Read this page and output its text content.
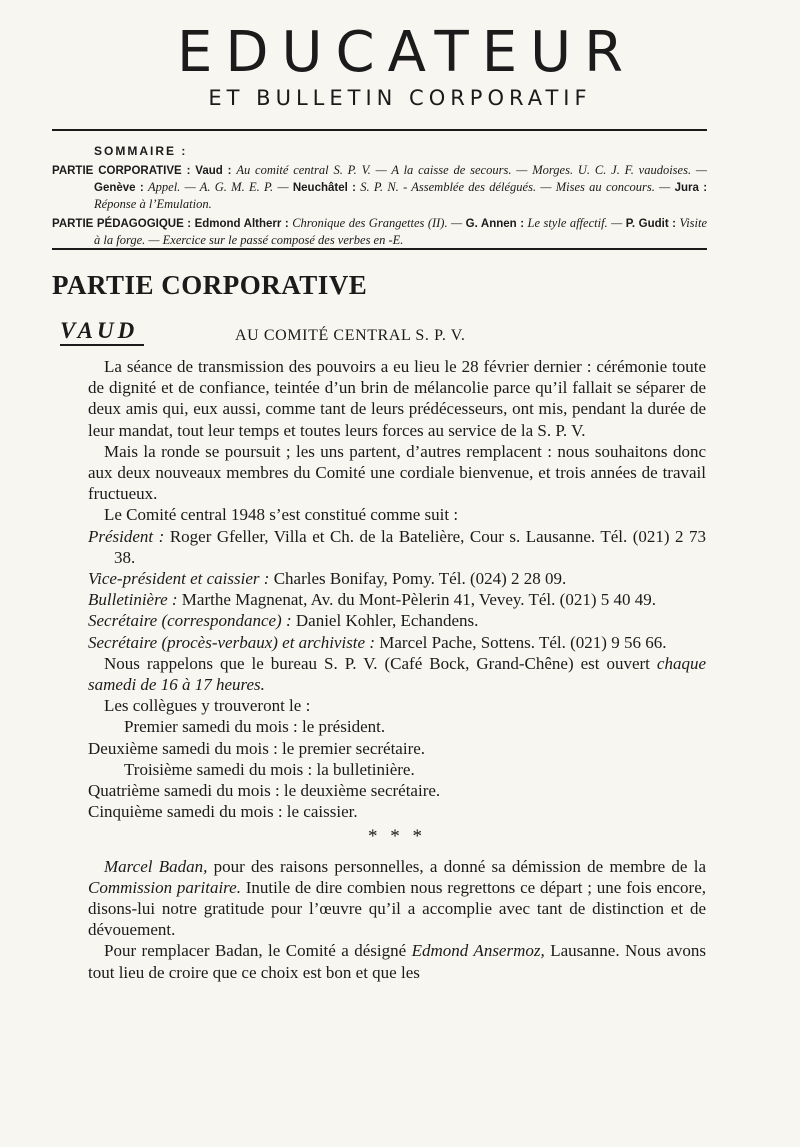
EDUCATEUR
ET BULLETIN CORPORATIF
SOMMAIRE :

PARTIE CORPORATIVE : Vaud : Au comité central S. P. V. — A la caisse de secours. — Morges. U. C. J. F. vaudoises. — Genève : Appel. — A. G. M. E. P. — Neuchâtel : S. P. N. - Assemblée des délégués. — Mises au concours. — Jura : Réponse à l’Emulation.

PARTIE PÉDAGOGIQUE : Edmond Altherr : Chronique des Grangettes (II). — G. Annen : Le style affectif. — P. Gudit : Visite à la forge. — Exercice sur le passé composé des verbes en -E.

PARTIE CORPORATIVE
VAUD	AU COMITÉ CENTRAL S. P. V.

La séance de transmission des pouvoirs a eu lieu le 28 février dernier : cérémonie toute de dignité et de confiance, teintée d’un brin de mélancolie parce qu’il fallait se séparer de deux amis qui, eux aussi, comme tant de leurs prédécesseurs, ont mis, pendant la durée de leur mandat, tout leur temps et toutes leurs forces au service de la S. P. V.

Mais la ronde se poursuit ; les uns partent, d’autres remplacent : nous souhaitons donc aux deux nouveaux membres du Comité une cordiale bienvenue, et trois années de travail fructueux.

Le Comité central 1948 s’est constitué comme suit :

Président : Roger Gfeller, Villa et Ch. de la Batelière, Cour s. Lausanne. Tél. (021) 2 73 38.

Vice-président et caissier : Charles Bonifay, Pomy. Tél. (024) 2 28 09.

Bulletinière : Marthe Magnenat, Av. du Mont-Pèlerin 41, Vevey. Tél. (021) 5 40 49.

Secrétaire (correspondance) : Daniel Kohler, Echandens.

Secrétaire (procès-verbaux) et archiviste : Marcel Pache, Sottens. Tél. (021) 9 56 66.

Nous rappelons que le bureau S. P. V. (Café Bock, Grand-Chêne) est ouvert chaque samedi de 16 à 17 heures.

Les collègues y trouveront le :

Premier samedi du mois : le président.

Deuxième samedi du mois : le premier secrétaire.

Troisième samedi du mois : la bulletinière.

Quatrième samedi du mois : le deuxième secrétaire.

Cinquième samedi du mois : le caissier.

* * *

Marcel Badan, pour des raisons personnelles, a donné sa démission de membre de la Commission paritaire. Inutile de dire combien nous regrettons ce départ ; une fois encore, disons-lui notre gratitude pour l’œuvre qu’il a accomplie avec tant de distinction et de dévouement.

Pour remplacer Badan, le Comité a désigné Edmond Ansermoz, Lausanne. Nous avons tout lieu de croire que ce choix est bon et que les
